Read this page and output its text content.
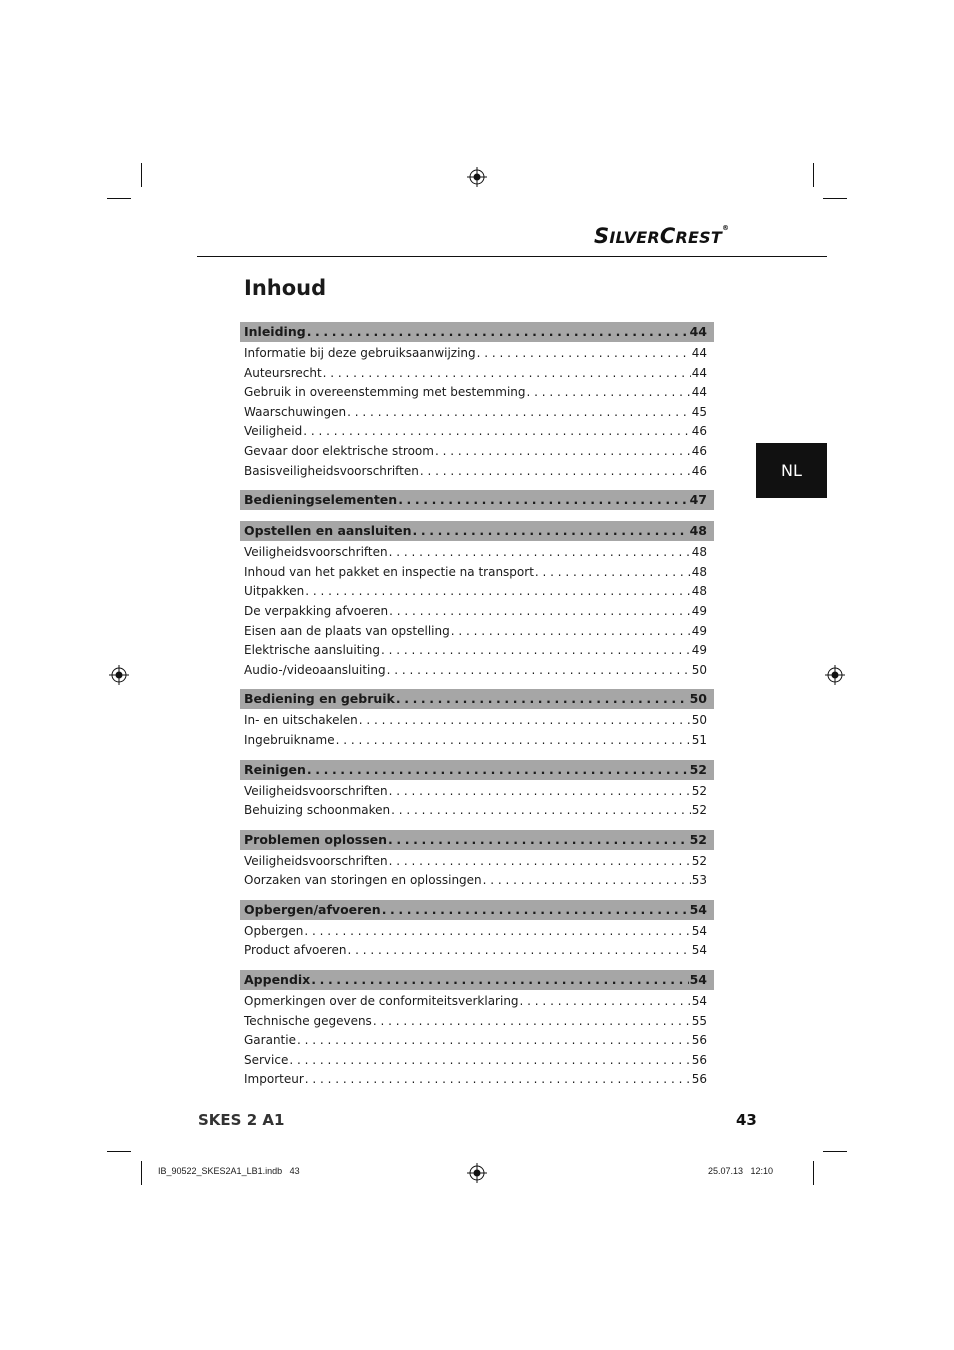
SILVERCREST®
Inhoud
NL
Inleiding .....	44
Informatie bij deze gebruiksaanwijzing . . .	44
Auteursrecht . . .	44
Gebruik in overeenstemming met bestemming . . .	44
Waarschuwingen . . .	45
Veiligheid . . .	46
Gevaar door elektrische stroom . . .	46
Basisveiligheidsvoorschriften . . .	46
Bedieningselementen .....	47
Opstellen en aansluiten .....	48
Veiligheidsvoorschriften . . .	48
Inhoud van het pakket en inspectie na transport . . .	48
Uitpakken . . .	48
De verpakking afvoeren . . .	49
Eisen aan de plaats van opstelling . . .	49
Elektrische aansluiting . . .	49
Audio-/videoaansluiting . . .	50
Bediening en gebruik .....	50
In- en uitschakelen . . .	50
Ingebruikname . . .	51
Reinigen .....	52
Veiligheidsvoorschriften . . .	52
Behuizing schoonmaken . . .	52
Problemen oplossen .....	52
Veiligheidsvoorschriften . . .	52
Oorzaken van storingen en oplossingen . . .	53
Opbergen/afvoeren .....	54
Opbergen . . .	54
Product afvoeren . . .	54
Appendix .....	54
Opmerkingen over de conformiteitsverklaring . . .	54
Technische gegevens . . .	55
Garantie . . .	56
Service . . .	56
Importeur . . .	56
SKES 2 A1	43
IB_90522_SKES2A1_LB1.indb   43	25.07.13   12:10
